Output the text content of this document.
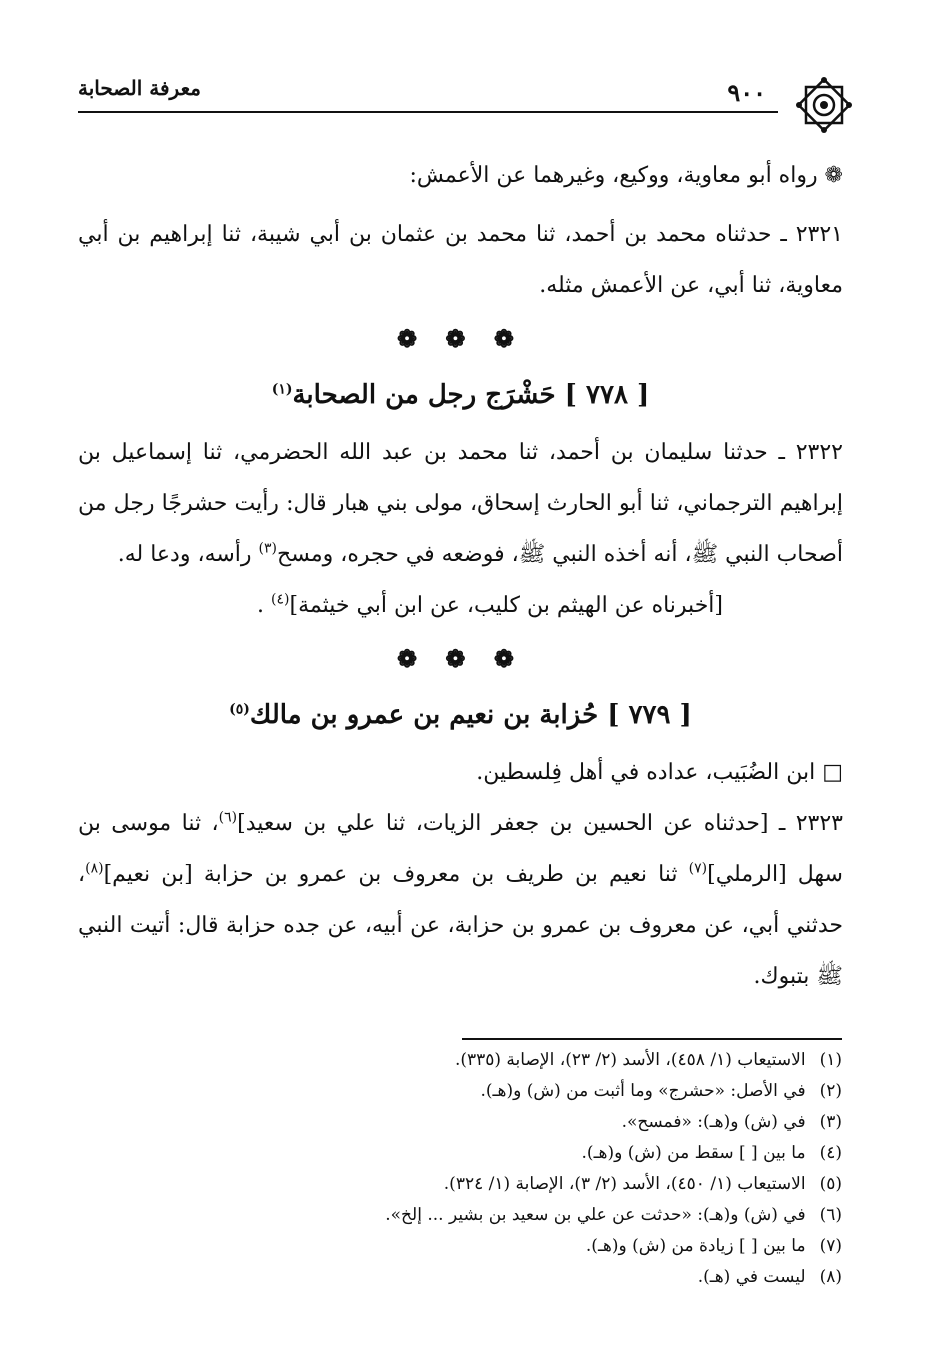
٩٠٠
معرفة الصحابة

❁ رواه أبو معاوية، ووكيع، وغيرهما عن الأعمش:

٢٣٢١ ـ حدثناه محمد بن أحمد، ثنا محمد بن عثمان بن أبي شيبة، ثنا إبراهيم بن أبي معاوية، ثنا أبي، عن الأعمش مثله.

❁ ❁ ❁

[ ٧٧٨ ] حَشْرَج رجل من الصحابة$^{(١)}$

٢٣٢٢ ـ حدثنا سليمان بن أحمد، ثنا محمد بن عبد الله الحضرمي، ثنا إسماعيل بن إبراهيم الترجماني، ثنا أبو الحارث إسحاق، مولى بني هبار قال: رأيت حشرجًا رجل من أصحاب النبي ﷺ، أنه أخذه النبي ﷺ، فوضعه في حجره، ومسح$^{(٣)}$ رأسه، ودعا له.

[أخبرناه عن الهيثم بن كليب، عن ابن أبي خيثمة]$^{(٤)}$ .

❁ ❁ ❁

[ ٧٧٩ ] حُزابة بن نعيم بن عمرو بن مالك$^{(٥)}$

□ ابن الضُبَيب، عداده في أهل فِلسطين.

٢٣٢٣ ـ [حدثناه عن الحسين بن جعفر الزيات، ثنا علي بن سعيد]$^{(٦)}$، ثنا موسى بن سهل [الرملي]$^{(٧)}$ ثنا نعيم بن طريف بن معروف بن عمرو بن حزابة [بن نعيم]$^{(٨)}$، حدثني أبي، عن معروف بن عمرو بن حزابة، عن أبيه، عن جده حزابة قال: أتيت النبي ﷺ بتبوك.

(١)الاستيعاب (١/ ٤٥٨)، الأسد (٢/ ٢٣)، الإصابة (٣٣٥).
(٢)في الأصل: «حشرج» وما أثبت من (ش) و(هـ).
(٣)في (ش) و(هـ): «فمسح».
(٤)ما بين [ ] سقط من (ش) و(هـ).
(٥)الاستيعاب (١/ ٤٥٠)، الأسد (٢/ ٣)، الإصابة (١/ ٣٢٤).
(٦)في (ش) و(هـ): «حدثت عن علي بن سعيد بن بشير ... إلخ».
(٧)ما بين [ ] زيادة من (ش) و(هـ).
(٨)ليست في (هـ).
